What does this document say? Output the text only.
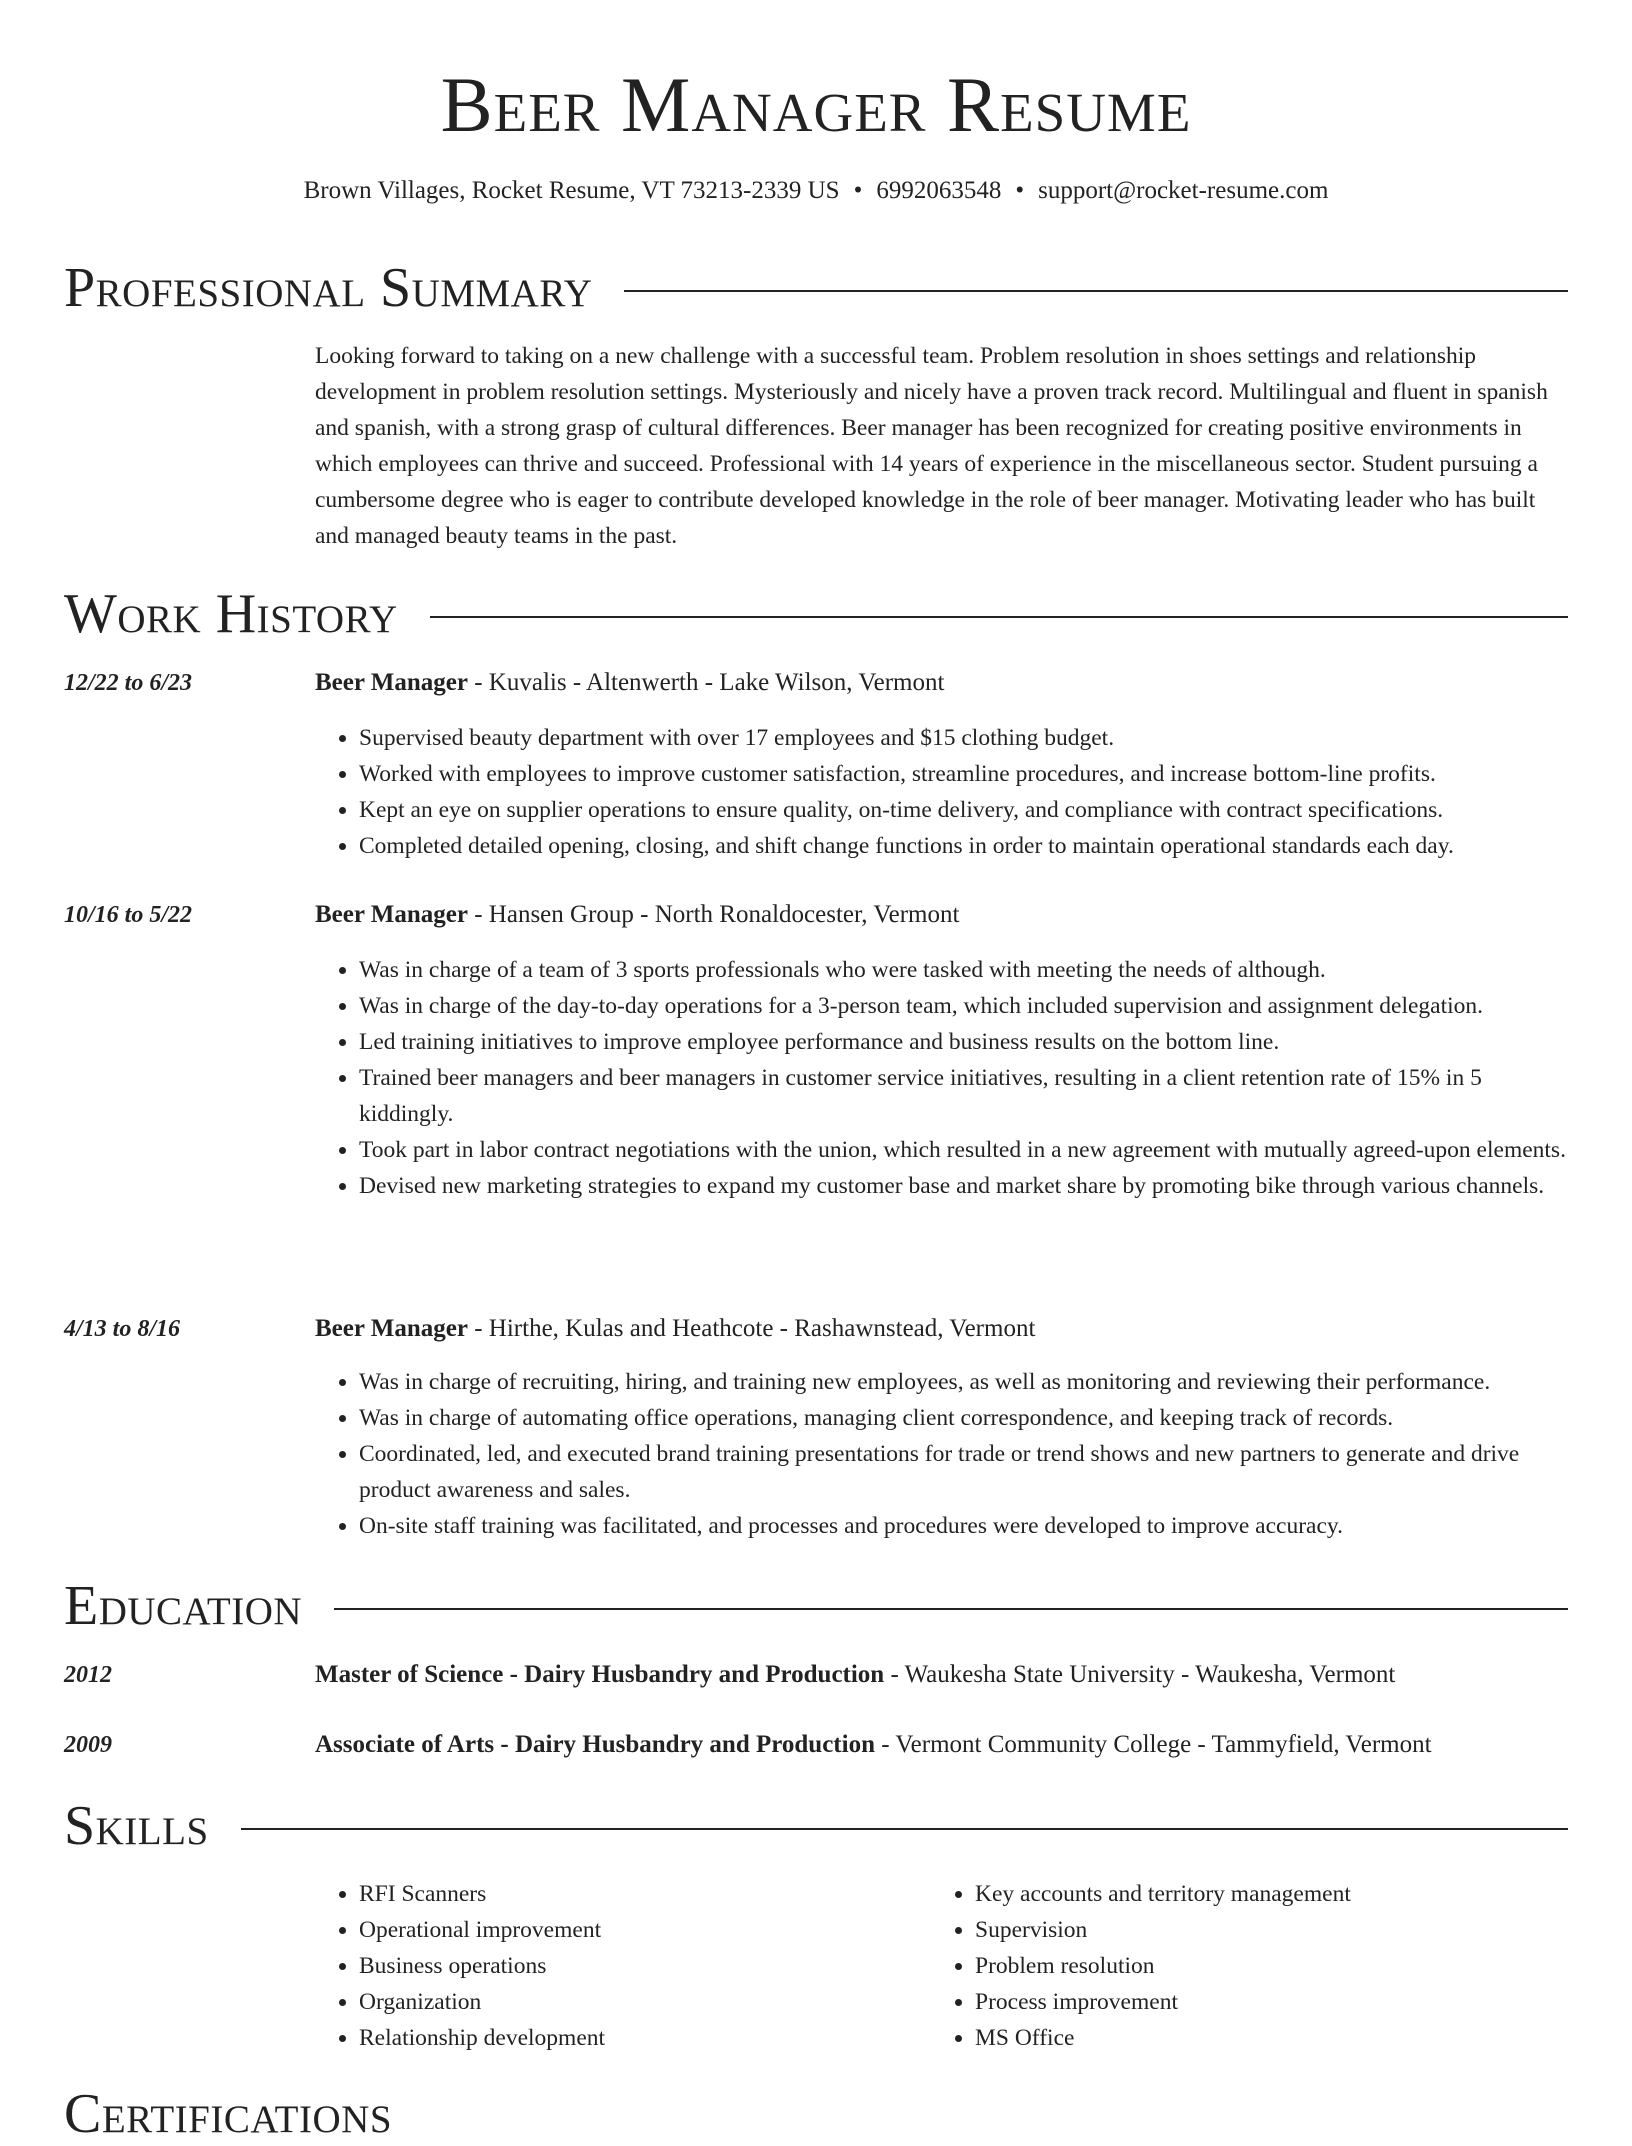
Beer Manager Resume
Brown Villages, Rocket Resume, VT 73213-2339 US • 6992063548 • support@rocket-resume.com
Professional Summary

Looking forward to taking on a new challenge with a successful team. Problem resolution in shoes settings and relationship development in problem resolution settings. Mysteriously and nicely have a proven track record. Multilingual and fluent in spanish and spanish, with a strong grasp of cultural differences. Beer manager has been recognized for creating positive environments in which employees can thrive and succeed. Professional with 14 years of experience in the miscellaneous sector. Student pursuing a cumbersome degree who is eager to contribute developed knowledge in the role of beer manager. Motivating leader who has built and managed beauty teams in the past.

Work History
12/22 to 6/23	Beer Manager - Kuvalis - Altenwerth - Lake Wilson, Vermont
• Supervised beauty department with over 17 employees and $15 clothing budget.
• Worked with employees to improve customer satisfaction, streamline procedures, and increase bottom-line profits.
• Kept an eye on supplier operations to ensure quality, on-time delivery, and compliance with contract specifications.
• Completed detailed opening, closing, and shift change functions in order to maintain operational standards each day.
10/16 to 5/22	Beer Manager - Hansen Group - North Ronaldocester, Vermont
• Was in charge of a team of 3 sports professionals who were tasked with meeting the needs of although.
• Was in charge of the day-to-day operations for a 3-person team, which included supervision and assignment delegation.
• Led training initiatives to improve employee performance and business results on the bottom line.
• Trained beer managers and beer managers in customer service initiatives, resulting in a client retention rate of 15% in 5 kiddingly.
• Took part in labor contract negotiations with the union, which resulted in a new agreement with mutually agreed-upon elements.
• Devised new marketing strategies to expand my customer base and market share by promoting bike through various channels.
4/13 to 8/16	Beer Manager - Hirthe, Kulas and Heathcote - Rashawnstead, Vermont
• Was in charge of recruiting, hiring, and training new employees, as well as monitoring and reviewing their performance.
• Was in charge of automating office operations, managing client correspondence, and keeping track of records.
• Coordinated, led, and executed brand training presentations for trade or trend shows and new partners to generate and drive product awareness and sales.
• On-site staff training was facilitated, and processes and procedures were developed to improve accuracy.
Education
2012	Master of Science - Dairy Husbandry and Production - Waukesha State University - Waukesha, Vermont
2009	Associate of Arts - Dairy Husbandry and Production - Vermont Community College - Tammyfield, Vermont
Skills
• RFI Scanners
• Operational improvement
• Business operations
• Organization
• Relationship development
• Key accounts and territory management
• Supervision
• Problem resolution
• Process improvement
• MS Office
Certifications
